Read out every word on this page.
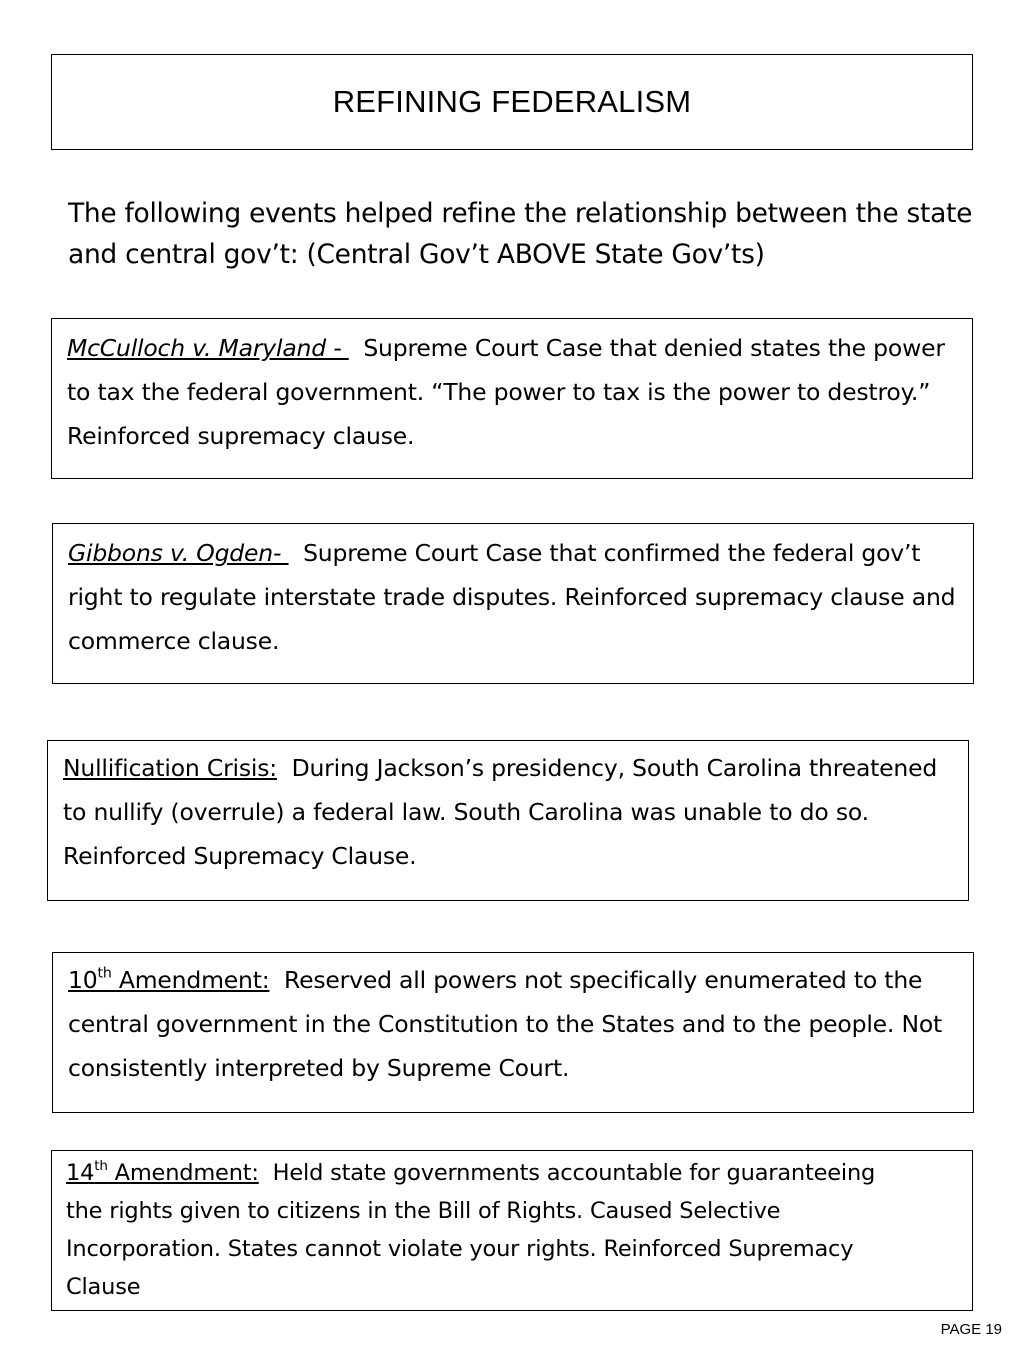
REFINING FEDERALISM
The following events helped refine the relationship between the state and central gov’t: (Central Gov’t ABOVE State Gov’ts)

McCulloch v. Maryland -   Supreme Court Case that denied states the power to tax the federal government. “The power to tax is the power to destroy.” Reinforced supremacy clause.

Gibbons v. Ogden-   Supreme Court Case that confirmed the federal gov’t right to regulate interstate trade disputes. Reinforced supremacy clause and commerce clause.

Nullification Crisis: During Jackson’s presidency, South Carolina threatened to nullify (overrule) a federal law. South Carolina was unable to do so. Reinforced Supremacy Clause.

10th Amendment: Reserved all powers not specifically enumerated to the central government in the Constitution to the States and to the people. Not consistently interpreted by Supreme Court.

14th Amendment: Held state governments accountable for guaranteeing the rights given to citizens in the Bill of Rights. Caused Selective Incorporation. States cannot violate your rights. Reinforced Supremacy Clause

PAGE 19
